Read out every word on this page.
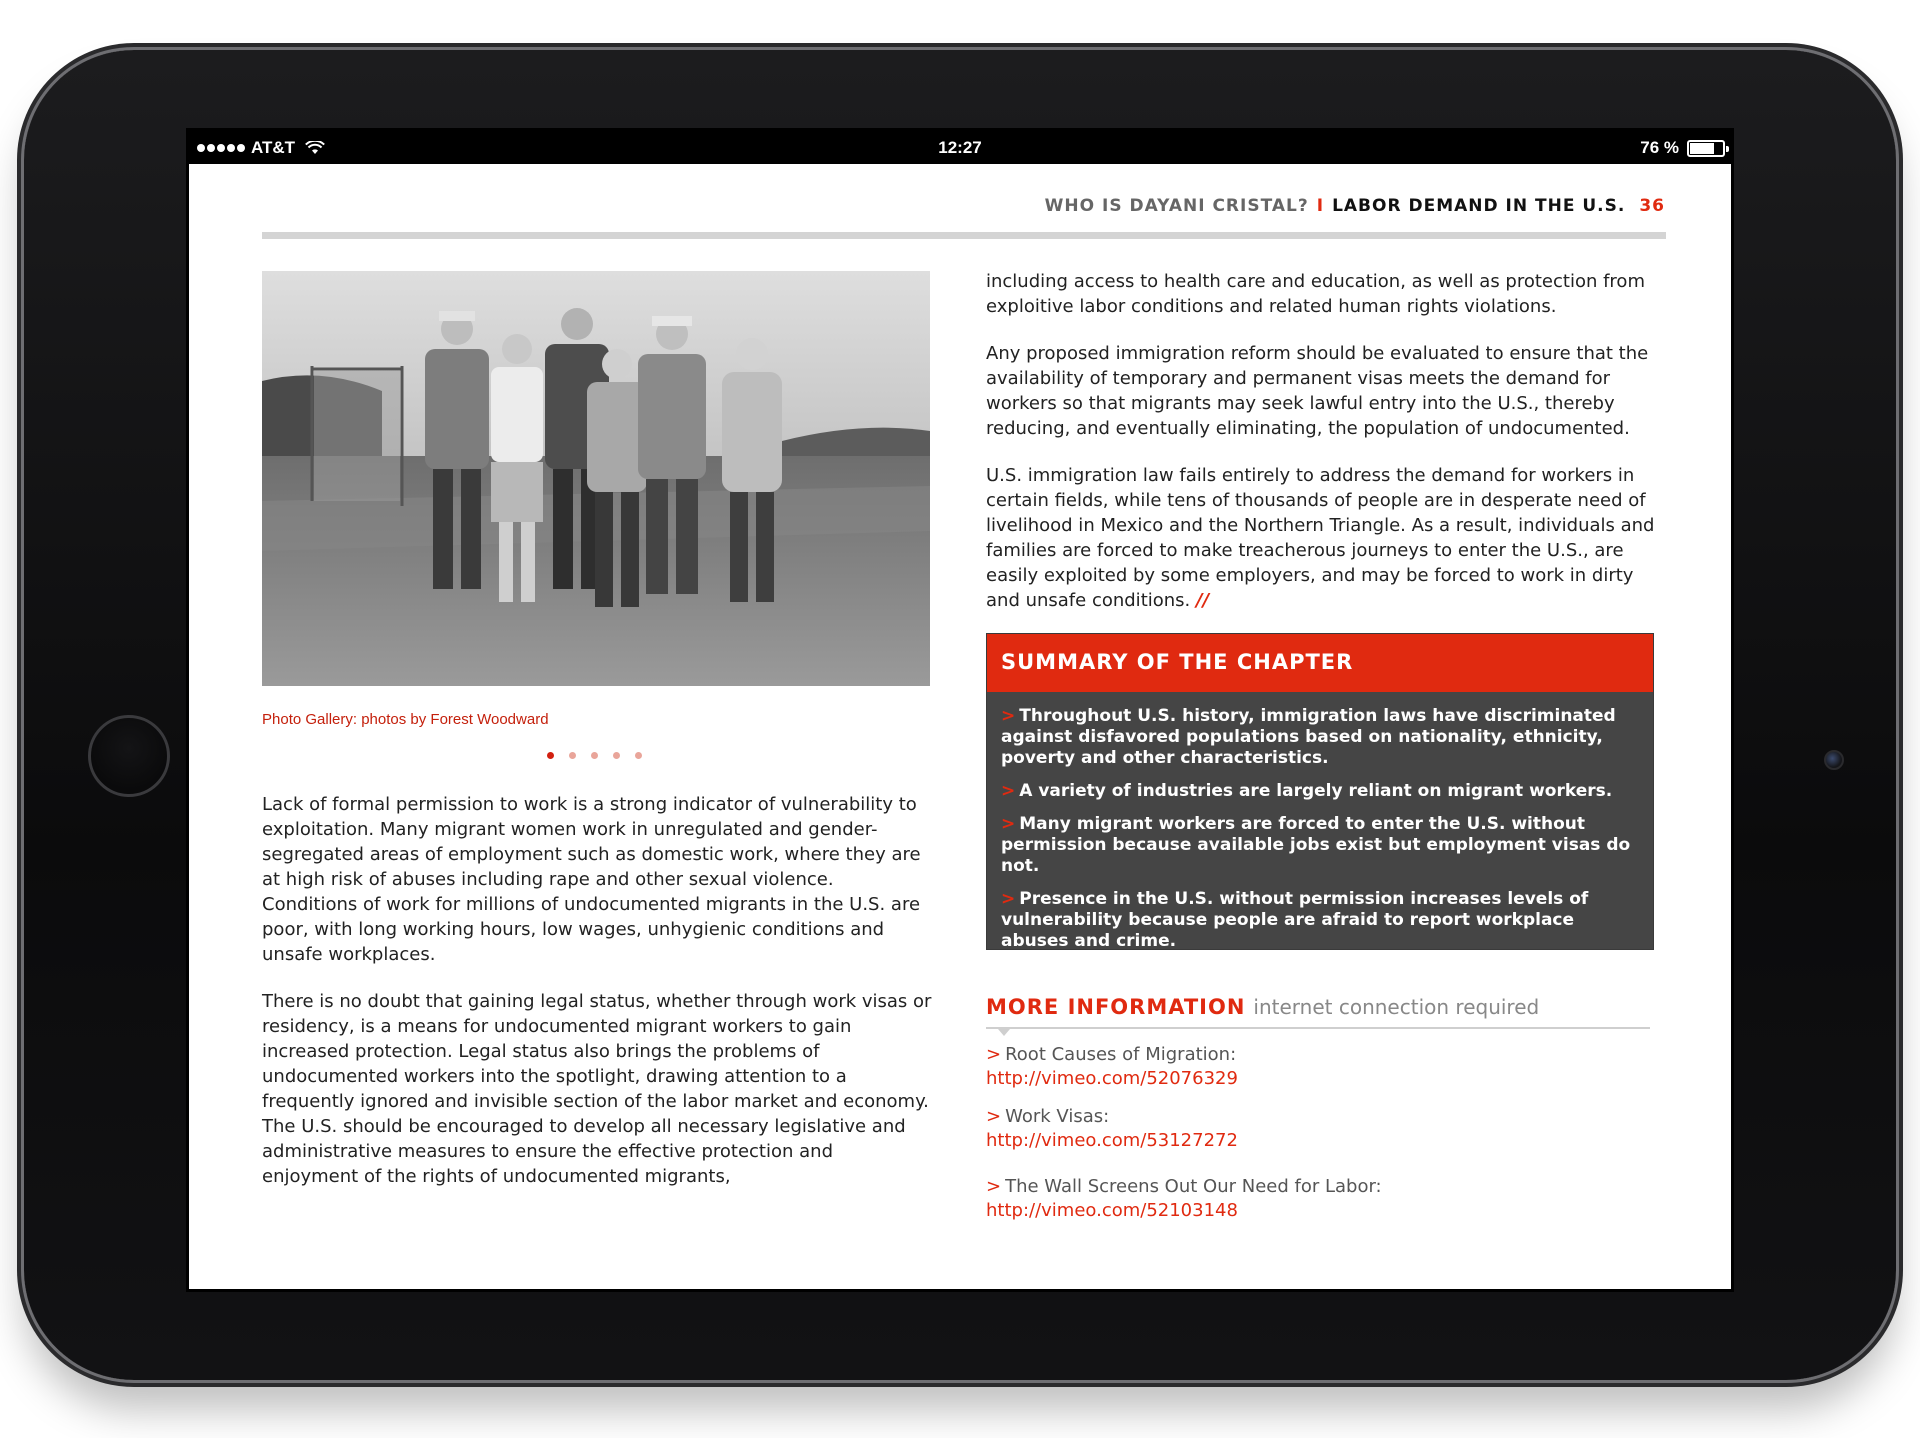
AT&T	12:27	76 %
WHO IS DAYANI CRISTAL? I LABOR DEMAND IN THE U.S. 36
Photo Gallery: photos by Forest Woodward

Lack of formal permission to work is a strong indicator of vulnerability to exploitation. Many migrant women work in unregulated and gender-segregated areas of employment such as domestic work, where they are at high risk of abuses including rape and other sexual violence. Conditions of work for millions of undocumented migrants in the U.S. are poor, with long working hours, low wages, unhygienic conditions and unsafe workplaces.

There is no doubt that gaining legal status, whether through work visas or residency, is a means for undocumented migrant workers to gain increased protection. Legal status also brings the problems of undocumented workers into the spotlight, drawing attention to a frequently ignored and invisible section of the labor market and economy. The U.S. should be encouraged to develop all necessary legislative and administrative measures to ensure the effective protection and enjoyment of the rights of undocumented migrants,

including access to health care and education, as well as protection from exploitive labor conditions and related human rights violations.

Any proposed immigration reform should be evaluated to ensure that the availability of temporary and permanent visas meets the demand for workers so that migrants may seek lawful entry into the U.S., thereby reducing, and eventually eliminating, the population of undocumented.

U.S. immigration law fails entirely to address the demand for workers in certain fields, while tens of thousands of people are in desperate need of livelihood in Mexico and the Northern Triangle. As a result, individuals and families are forced to make treacherous journeys to enter the U.S., are easily exploited by some employers, and may be forced to work in dirty and unsafe conditions. //

SUMMARY OF THE CHAPTER
> Throughout U.S. history, immigration laws have discriminated against disfavored populations based on nationality, ethnicity, poverty and other characteristics.
> A variety of industries are largely reliant on migrant workers.
> Many migrant workers are forced to enter the U.S. without permission because available jobs exist but employment visas do not.
> Presence in the U.S. without permission increases levels of vulnerability because people are afraid to report workplace abuses and crime.
MORE INFORMATION internet connection required
> Root Causes of Migration:
http://vimeo.com/52076329
> Work Visas:
http://vimeo.com/53127272
> The Wall Screens Out Our Need for Labor:
http://vimeo.com/52103148
